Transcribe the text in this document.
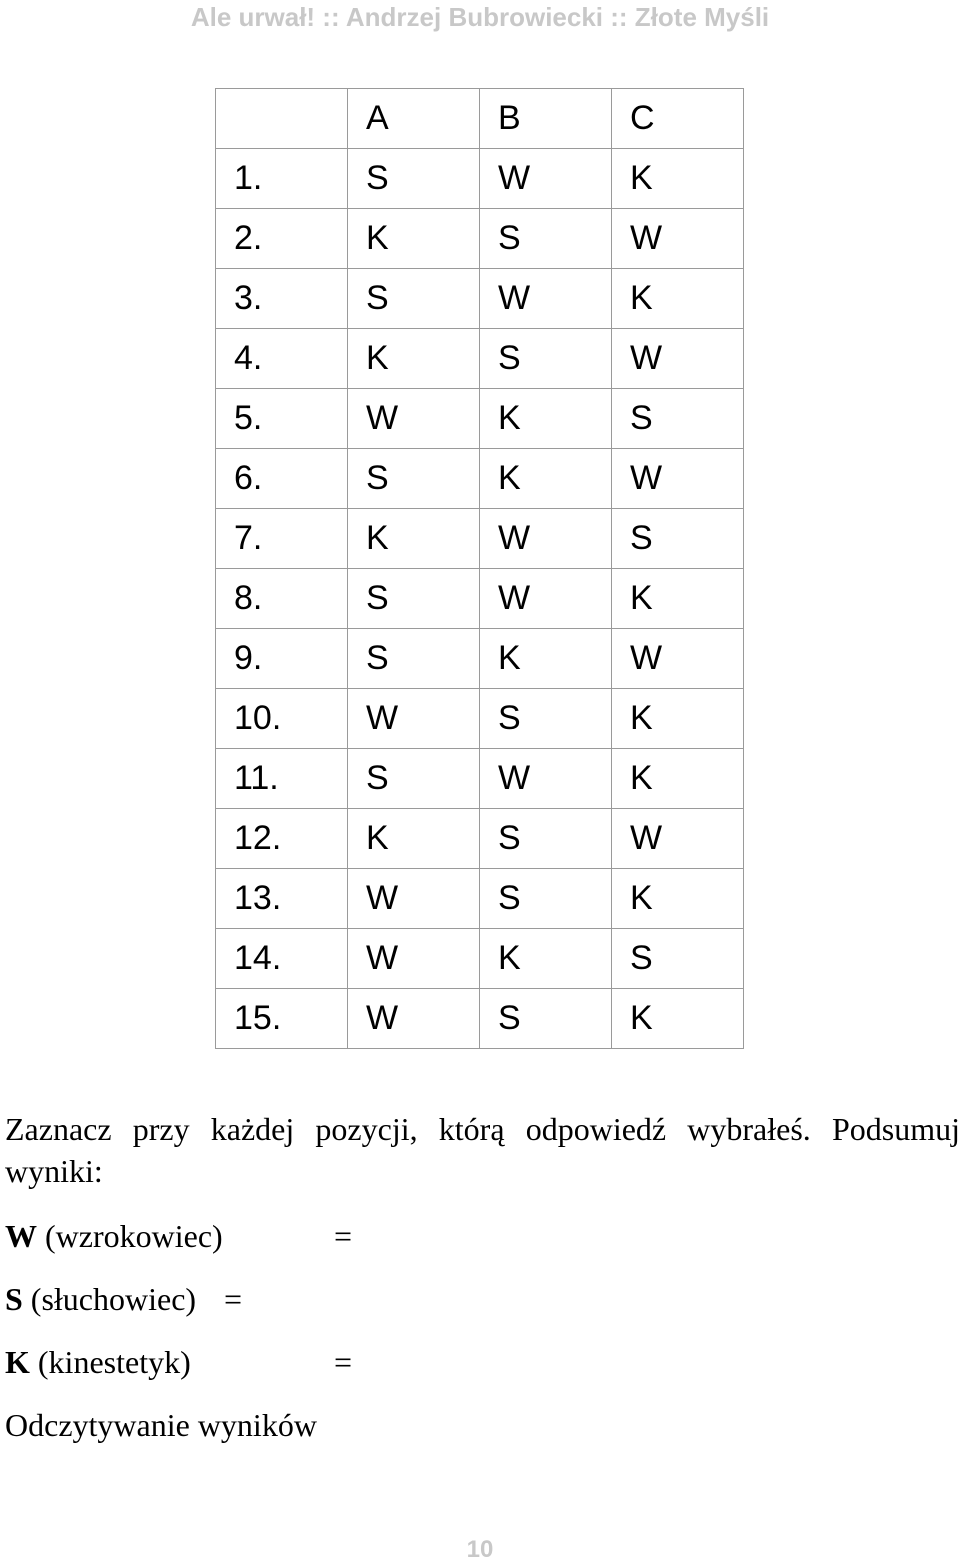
Ale urwał! :: Andrzej Bubrowiecki :: Złote Myśli
	A	B	C
1.	S	W	K
2.	K	S	W
3.	S	W	K
4.	K	S	W
5.	W	K	S
6.	S	K	W
7.	K	W	S
8.	S	W	K
9.	S	K	W
10.	W	S	K
11.	S	W	K
12.	K	S	W
13.	W	S	K
14.	W	K	S
15.	W	S	K
Zaznacz przy każdej pozycji, którą odpowiedź wybrałeś. Podsumuj wyniki:
W (wzrokowiec)	=
S (słuchowiec) =
K (kinestetyk)	=
Odczytywanie wyników
10
